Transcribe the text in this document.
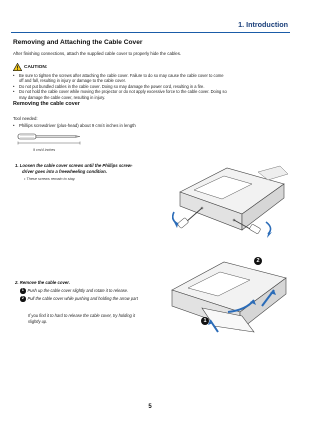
1. Introduction
Removing and Attaching the Cable Cover
After finishing connections, attach the supplied cable cover to properly hide the cables.
CAUTION:
•	Be sure to tighten the screws after attaching the cable cover. Failure to do so may cause the cable cover to come
off and fall, resulting in injury or damage to the cable cover.
•	Do not put bundled cables in the cable cover. Doing so may damage the power cord, resulting in a fire.
•	Do not hold the cable cover while moving the projector or do not apply excessive force to the cable cover. Doing so
may damage the cable cover, resulting in injury.
Removing the cable cover
Tool needed:
•	Phillips screwdriver (plus-head) about 9 cm/4 inches in length
9 cm/4 inches
1. Loosen the cable cover screws until the Phillips screw-
driver goes into a freewheeling condition.
• These screws remain to stay.
2
1
2. Remove the cable cover.
1 Push up the cable cover slightly and rotate it to release.
2 Pull the cable cover while pushing and holding the arrow part
If you find it to hard to release the cable cover, try holding it slightly up.
5
